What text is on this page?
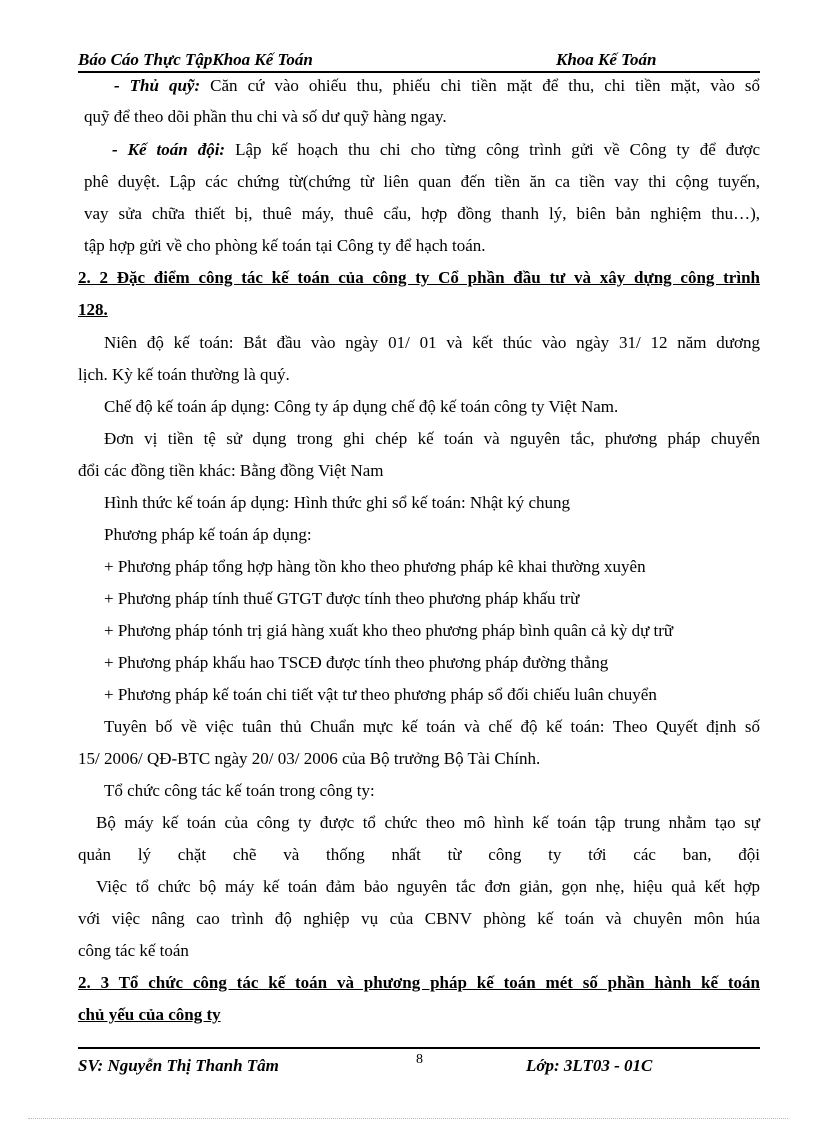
Báo Cáo Thực TậpKhoa Kế Toán	Khoa Kế Toán
- Thủ quỹ: Căn cứ vào ohiếu thu, phiếu chi tiền mặt để thu, chi tiền mặt, vào sổ
quỹ để theo dõi phần thu chi và số dư quỹ hàng ngay.
- Kế toán đội: Lập kế hoạch thu chi cho từng công trình gửi về Công ty để được
phê duyệt. Lập các chứng từ(chứng từ liên quan đến tiền ăn ca tiền vay thi cộng tuyến,
vay sửa chữa thiết bị, thuê máy, thuê cẩu, hợp đồng thanh lý, biên bản nghiệm thu…),
tập hợp gửi về cho phòng kế toán tại Công ty để hạch toán.
2. 2 Đặc điểm công tác kế toán của công ty Cổ phần đầu tư và xây dựng công trình
128.
Niên độ kế toán: Bắt đầu vào ngày 01/ 01 và kết thúc vào ngày 31/ 12 năm dương
lịch. Kỳ kế toán thường là quý.
Chế độ kế toán áp dụng: Công ty áp dụng chế độ kế toán công ty Việt Nam.
Đơn vị tiền tệ sử dụng trong ghi chép kế toán và nguyên tắc, phương pháp chuyển
đổi các đồng tiền khác: Bằng đồng Việt Nam
Hình thức kế toán áp dụng: Hình thức ghi sổ kế toán: Nhật ký chung
Phương pháp kế toán áp dụng:
+ Phương pháp tổng hợp hàng tồn kho theo phương pháp kê khai thường xuyên
+ Phương pháp tính thuế GTGT được tính theo phương pháp khấu trừ
+ Phương pháp tónh trị giá hàng xuất kho theo phương pháp bình quân cả kỳ dự trữ
+ Phương pháp khấu hao TSCĐ được tính theo phương pháp đường thẳng
+ Phương pháp kế toán chi tiết vật tư theo phương pháp sổ đối chiếu luân chuyển
Tuyên bố về việc tuân thủ Chuẩn mực kế toán và chế độ kế toán: Theo Quyết định số
15/ 2006/ QĐ-BTC ngày 20/ 03/ 2006 của Bộ trưởng Bộ Tài Chính.
Tổ chức công tác kế toán trong công ty:
Bộ máy kế toán của công ty được tổ chức theo mô hình kế toán tập trung nhằm tạo sự
quản lý chặt chẽ và thống nhất từ công ty tới các ban, đội
Việc tổ chức bộ máy kế toán đảm bảo nguyên tắc đơn giản, gọn nhẹ, hiệu quả kết hợp
với việc nâng cao trình độ nghiệp vụ của CBNV phòng kế toán và chuyên môn húa
công tác kế toán
2. 3 Tổ chức công tác kế toán và phương pháp kế toán mét số phần hành kế toán
chủ yếu của công ty
SV: Nguyễn Thị Thanh Tâm	8	Lớp: 3LT03 - 01C
